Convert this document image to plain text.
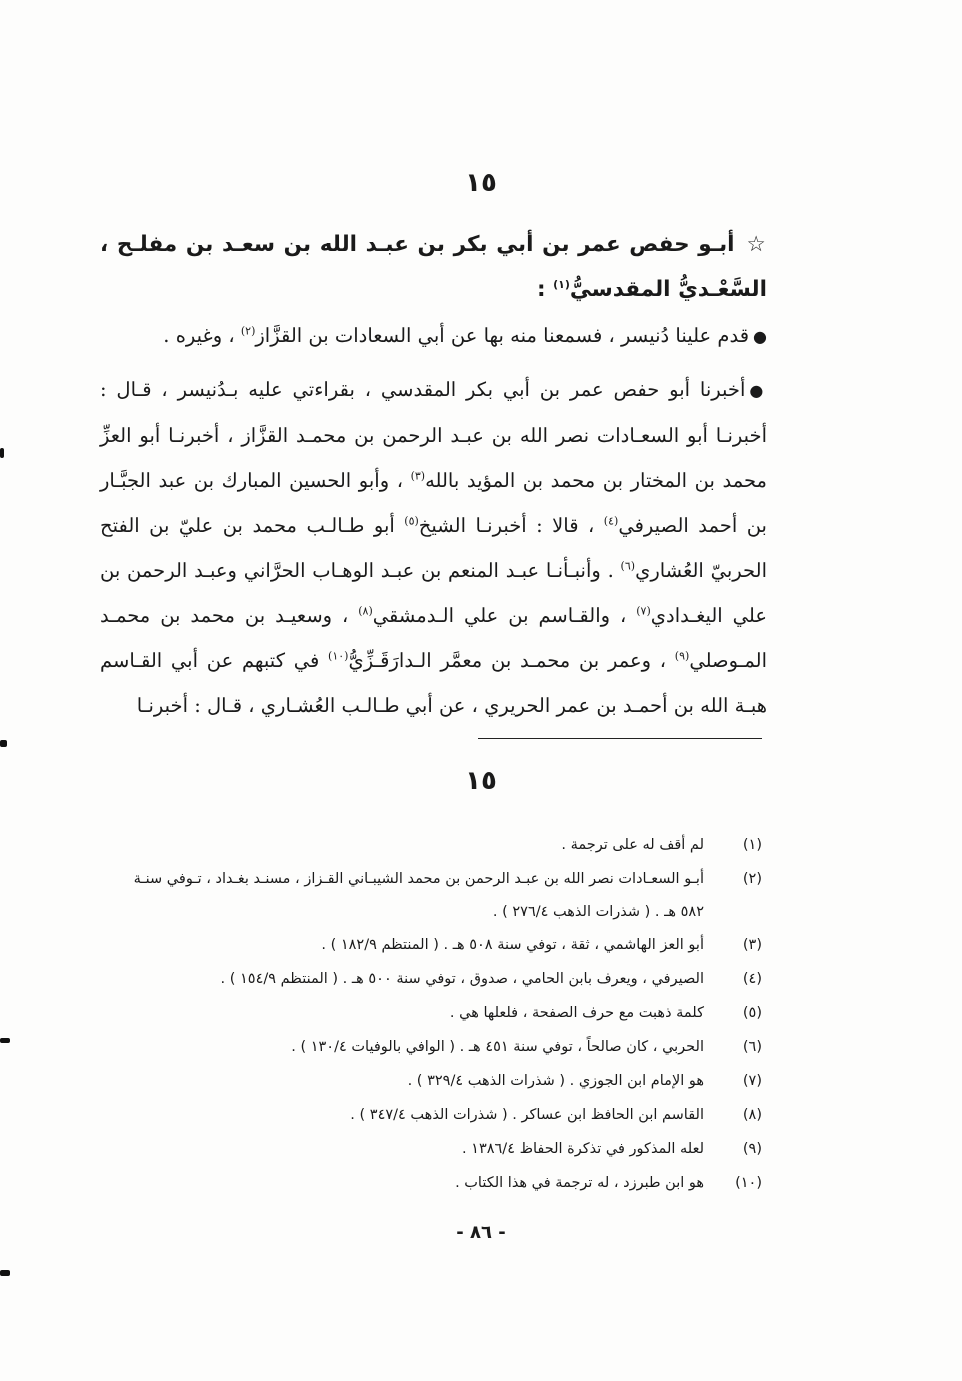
١٥
☆أبـو حفص عمر بن أبي بكر بن عبـد الله بن سعـد بن مفلـح ، السَّعْـديُّ المقدسيُّ$^{(١)}$ :
●قدم علينا دُنيسر ، فسمعنا منه بها عن أبي السعادات بن القزَّاز$^{(٢)}$ ، وغيره .
●أخبرنا أبو حفص عمر بن أبي بكر المقدسي ، بقراءتي عليه بـدُنيسر ، قـال : أخبرنـا أبو السعـادات نصر الله بن عبـد الرحمن بن محمـد القزَّاز ، أخبرنـا أبو العزِّ محمد بن المختار بن محمد بن المؤيد بالله$^{(٣)}$ ، وأبو الحسين المبارك بن عبد الجبَّـار بن أحمد الصيرفي$^{(٤)}$ ، قالا : أخبرنـا الشيخ$^{(٥)}$ أبو طـالـب محمد بن عليّ بن الفتح الحربيّ العُشاري$^{(٦)}$ . وأنبـأنـا عبـد المنعم بن عبـد الوهـاب الحرَّاني وعبـد الرحمن بن علي اليغـدادي$^{(٧)}$ ، والقـاسم بن علي الـدمشقي$^{(٨)}$ ، وسعيـد بن محمد بن محمـد المـوصلي$^{(٩)}$ ، وعمر بن محمـد بن معمَّر الـدارَقَـزِّيُّ$^{(١٠)}$ في كتبهم عن أبي القـاسم هبـة الله بن أحمـد بن عمر الحريري ، عن أبي طـالـب العُشـاري ، قـال : أخبرنـا
١٥
(١)
لم أقف له على ترجمة .
(٢)
أبـو السعـادات نصر الله بن عبـد الرحمن بن محمد الشيبـاني القـزاز ، مسنـد بغـداد ، تـوفي سنـة
٥٨٢ هـ . ( شذرات الذهب ٢٧٦/٤ ) .
(٣)
أبو العز الهاشمي ، ثقة ، توفي سنة ٥٠٨ هـ . ( المنتظم ١٨٢/٩ ) .
(٤)
الصيرفي ، ويعرف بابن الحامي ، صدوق ، توفي سنة ٥٠٠ هـ . ( المنتظم ١٥٤/٩ ) .
(٥)
كلمة ذهبت مع حرف الصفحة ، فلعلها هي .
(٦)
الحربي ، كان صالحاً ، توفي سنة ٤٥١ هـ . ( الوافي بالوفيات ١٣٠/٤ ) .
(٧)
هو الإمام ابن الجوزي . ( شذرات الذهب ٣٢٩/٤ ) .
(٨)
القاسم ابن الحافظ ابن عساكر . ( شذرات الذهب ٣٤٧/٤ ) .
(٩)
لعله المذكور في تذكرة الحفاظ ١٣٨٦/٤ .
(١٠)
هو ابن طبرزد ، له ترجمة في هذا الكتاب .
- ٨٦ -
